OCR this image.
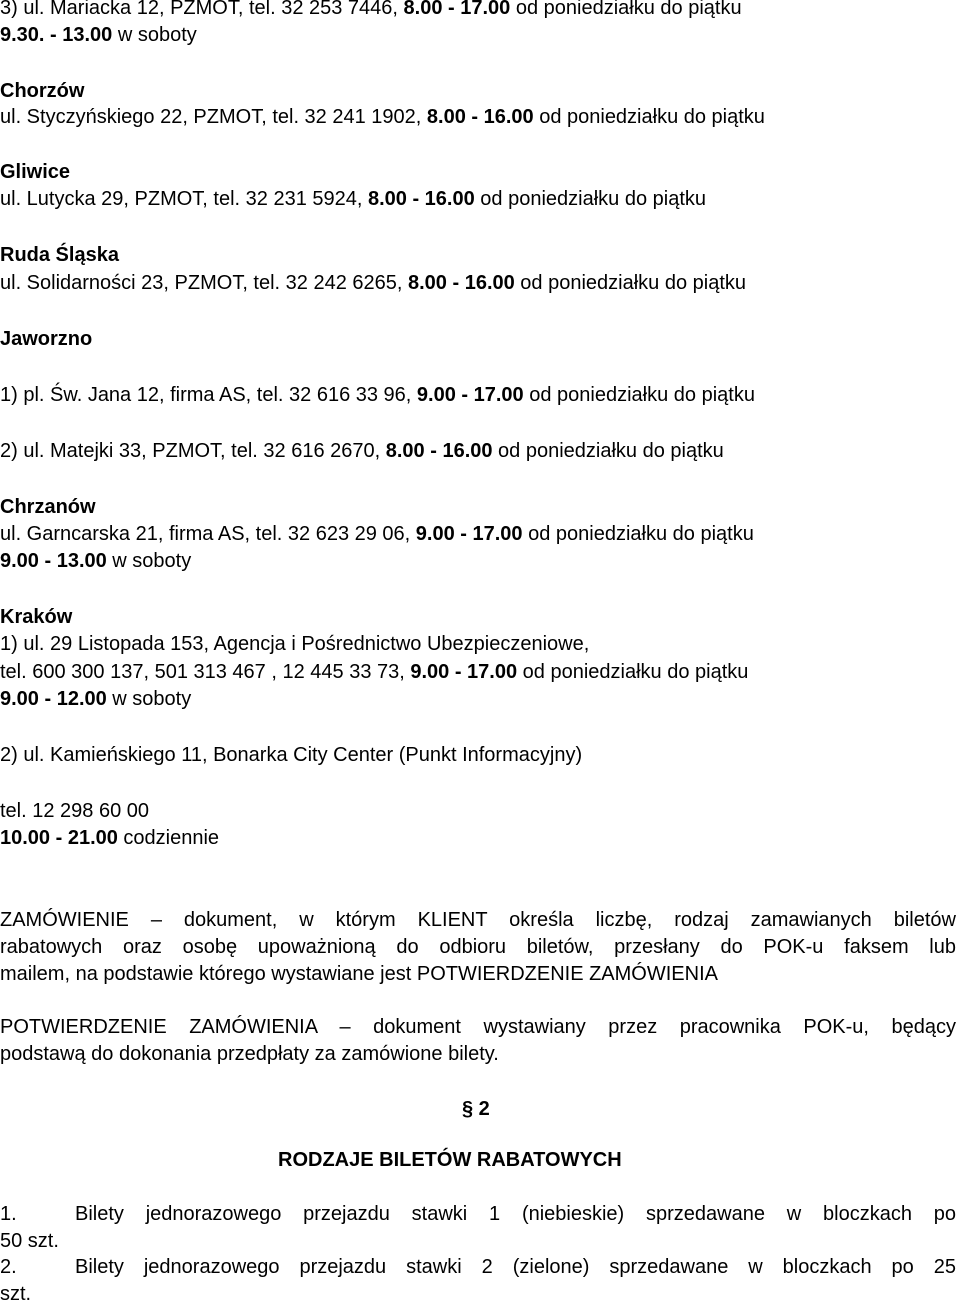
3) ul. Mariacka 12, PZMOT, tel. 32 253 7446, 8.00 - 17.00 od poniedziałku do piątku
9.30. - 13.00 w soboty
Chorzów
ul. Styczyńskiego 22, PZMOT, tel. 32 241 1902, 8.00 - 16.00 od poniedziałku do piątku
Gliwice
ul. Lutycka 29, PZMOT, tel. 32 231 5924, 8.00 - 16.00 od poniedziałku do piątku
Ruda Śląska
ul. Solidarności 23, PZMOT, tel. 32 242 6265, 8.00 - 16.00 od poniedziałku do piątku
Jaworzno
1) pl. Św. Jana 12, firma AS, tel. 32 616 33 96, 9.00 - 17.00 od poniedziałku do piątku
2) ul. Matejki 33, PZMOT, tel. 32 616 2670, 8.00 - 16.00 od poniedziałku do piątku
Chrzanów
ul. Garncarska 21, firma AS, tel. 32 623 29 06, 9.00 - 17.00 od poniedziałku do piątku
9.00 - 13.00 w soboty
Kraków
1) ul. 29 Listopada 153, Agencja i Pośrednictwo Ubezpieczeniowe,
tel. 600 300 137, 501 313 467 , 12 445 33 73, 9.00 - 17.00 od poniedziałku do piątku
9.00 - 12.00 w soboty
2) ul. Kamieńskiego 11, Bonarka City Center (Punkt Informacyjny)
tel. 12 298 60 00
10.00 - 21.00 codziennie
ZAMÓWIENIE – dokument, w którym KLIENT określa liczbę, rodzaj zamawianych biletów
rabatowych oraz osobę upoważnioną do odbioru biletów, przesłany do POK-u faksem lub
mailem, na podstawie którego wystawiane jest POTWIERDZENIE ZAMÓWIENIA
POTWIERDZENIE ZAMÓWIENIA – dokument wystawiany przez pracownika POK-u, będący
podstawą do dokonania przedpłaty za zamówione bilety.
§ 2
RODZAJE BILETÓW RABATOWYCH
1.	Bilety jednorazowego przejazdu stawki 1 (niebieskie) sprzedawane w bloczkach po
50 szt.
2.	Bilety jednorazowego przejazdu stawki 2 (zielone) sprzedawane w bloczkach po 25
szt.
